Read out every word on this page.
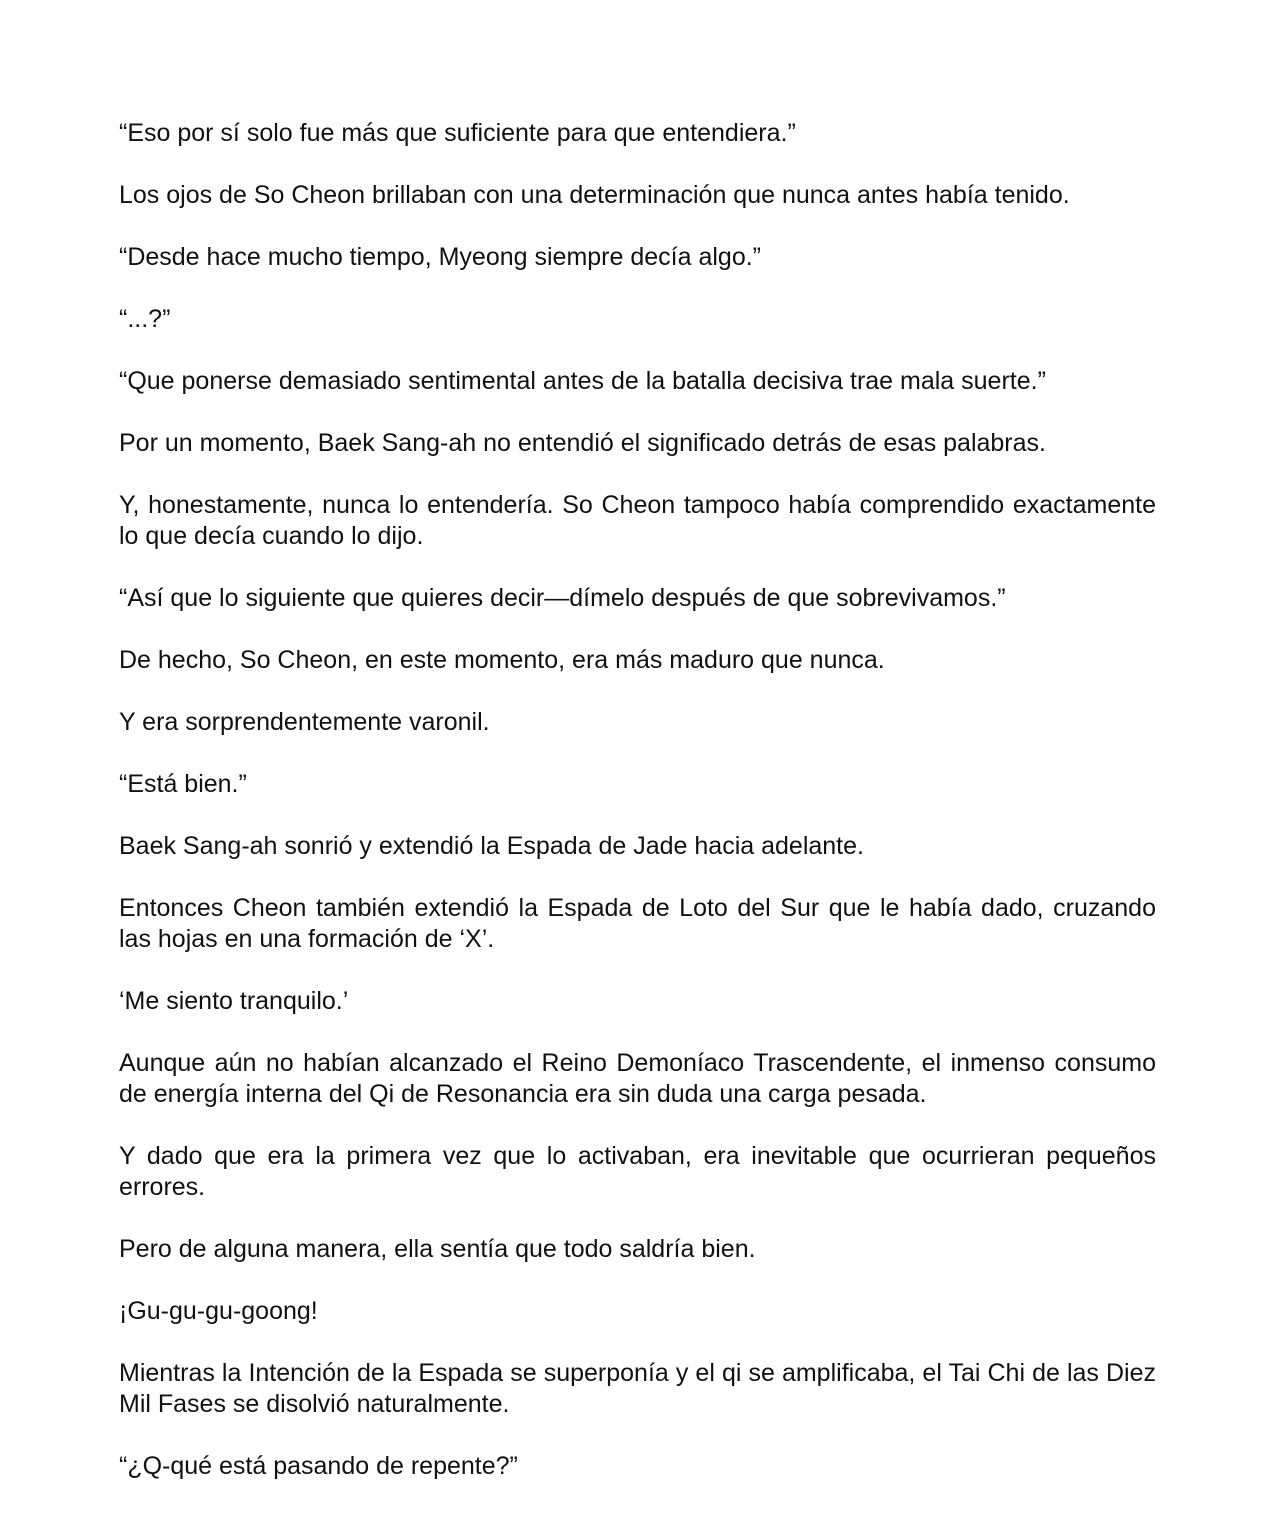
“Eso por sí solo fue más que suficiente para que entendiera.”

Los ojos de So Cheon brillaban con una determinación que nunca antes había tenido.

“Desde hace mucho tiempo, Myeong siempre decía algo.”

“...?”

“Que ponerse demasiado sentimental antes de la batalla decisiva trae mala suerte.”

Por un momento, Baek Sang-ah no entendió el significado detrás de esas palabras.

Y, honestamente, nunca lo entendería. So Cheon tampoco había comprendido exactamente lo que decía cuando lo dijo.

“Así que lo siguiente que quieres decir—dímelo después de que sobrevivamos.”

De hecho, So Cheon, en este momento, era más maduro que nunca.

Y era sorprendentemente varonil.

“Está bien.”

Baek Sang-ah sonrió y extendió la Espada de Jade hacia adelante.

Entonces Cheon también extendió la Espada de Loto del Sur que le había dado, cruzando las hojas en una formación de ‘X’.

‘Me siento tranquilo.’

Aunque aún no habían alcanzado el Reino Demoníaco Trascendente, el inmenso consumo de energía interna del Qi de Resonancia era sin duda una carga pesada.

Y dado que era la primera vez que lo activaban, era inevitable que ocurrieran pequeños errores.

Pero de alguna manera, ella sentía que todo saldría bien.

¡Gu-gu-gu-goong!

Mientras la Intención de la Espada se superponía y el qi se amplificaba, el Tai Chi de las Diez Mil Fases se disolvió naturalmente.

“¿Q-qué está pasando de repente?”
